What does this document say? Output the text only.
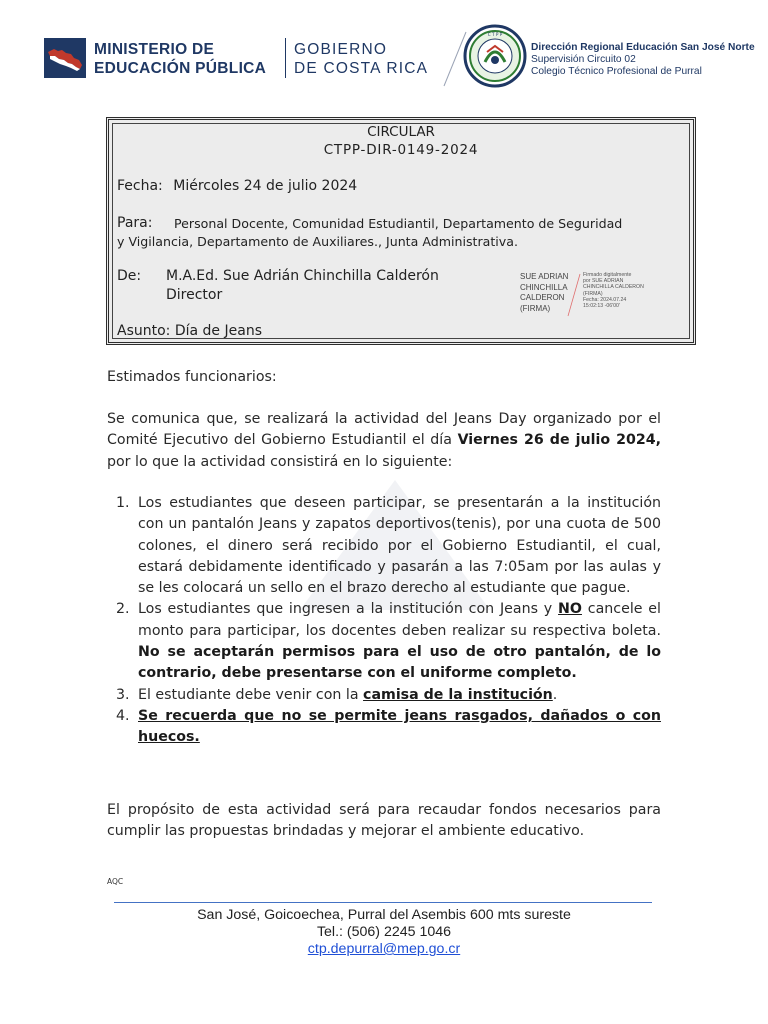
MINISTERIO DE
EDUCACIÓN PÚBLICA
GOBIERNO
DE COSTA RICA
C T P P
Dirección Regional Educación San José Norte
Supervisión Circuito 02
Colegio Técnico Profesional de Purral
CIRCULAR
CTPP-DIR-0149-2024
Fecha: Miércoles 24 de julio 2024
Para: Personal Docente, Comunidad Estudiantil, Departamento de Seguridad
y Vigilancia, Departamento de Auxiliares., Junta Administrativa.
De: M.A.Ed. Sue Adrián Chinchilla Calderón
Director
SUE ADRIAN
CHINCHILLA
CALDERON
(FIRMA)
Firmado digitalmente
por SUE ADRIAN
CHINCHILLA CALDERON
(FIRMA)
Fecha: 2024.07.24
15:02:13 -06'00'
Asunto: Día de Jeans
Estimados funcionarios:
Se comunica que, se realizará la actividad del Jeans Day organizado por el Comité Ejecutivo del Gobierno Estudiantil el día Viernes 26 de julio 2024, por lo que la actividad consistirá en lo siguiente:
1. Los estudiantes que deseen participar, se presentarán a la institución con un pantalón Jeans y zapatos deportivos(tenis), por una cuota de 500 colones, el dinero será recibido por el Gobierno Estudiantil, el cual, estará debidamente identificado y pasarán a las 7:05am por las aulas y se les colocará un sello en el brazo derecho al estudiante que pague.
2. Los estudiantes que ingresen a la institución con Jeans y NO cancele el monto para participar, los docentes deben realizar su respectiva boleta. No se aceptarán permisos para el uso de otro pantalón, de lo contrario, debe presentarse con el uniforme completo.
3. El estudiante debe venir con la camisa de la institución.
4. Se recuerda que no se permite jeans rasgados, dañados o con huecos.
El propósito de esta actividad será para recaudar fondos necesarios para cumplir las propuestas brindadas y mejorar el ambiente educativo.
AQC
San José, Goicoechea, Purral del Asembis 600 mts sureste
Tel.: (506) 2245 1046
ctp.depurral@mep.go.cr
